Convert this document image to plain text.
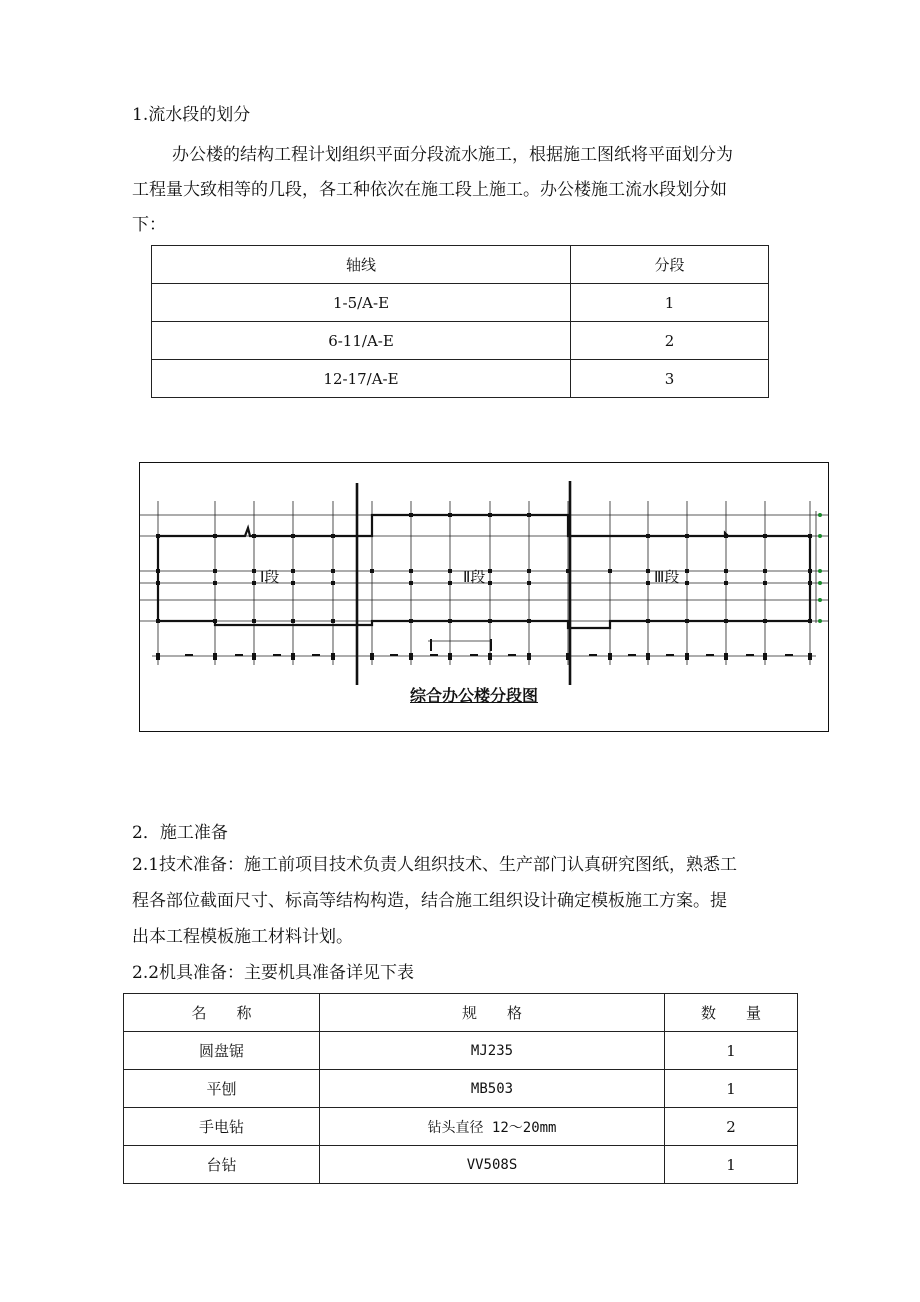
1.流水段的划分
办公楼的结构工程计划组织平面分段流水施工，根据施工图纸将平面划分为
工程量大致相等的几段，各工种依次在施工段上施工。办公楼施工流水段划分如
下：
轴线	分段
1-5/A-E	1
6-11/A-E	2
12-17/A-E	3
Ⅰ段	Ⅱ段	Ⅲ段
综合办公楼分段图
2．施工准备
2.1技术准备：施工前项目技术负责人组织技术、生产部门认真研究图纸，熟悉工
程各部位截面尺寸、标高等结构构造，结合施工组织设计确定模板施工方案。提
出本工程模板施工材料计划。
2.2机具准备：主要机具准备详见下表
名　　称	规　　格	数　　量
圆盘锯	MJ235	1
平刨	MB503	1
手电钻	钻头直径 12～20mm	2
台钻	VV508S	1
